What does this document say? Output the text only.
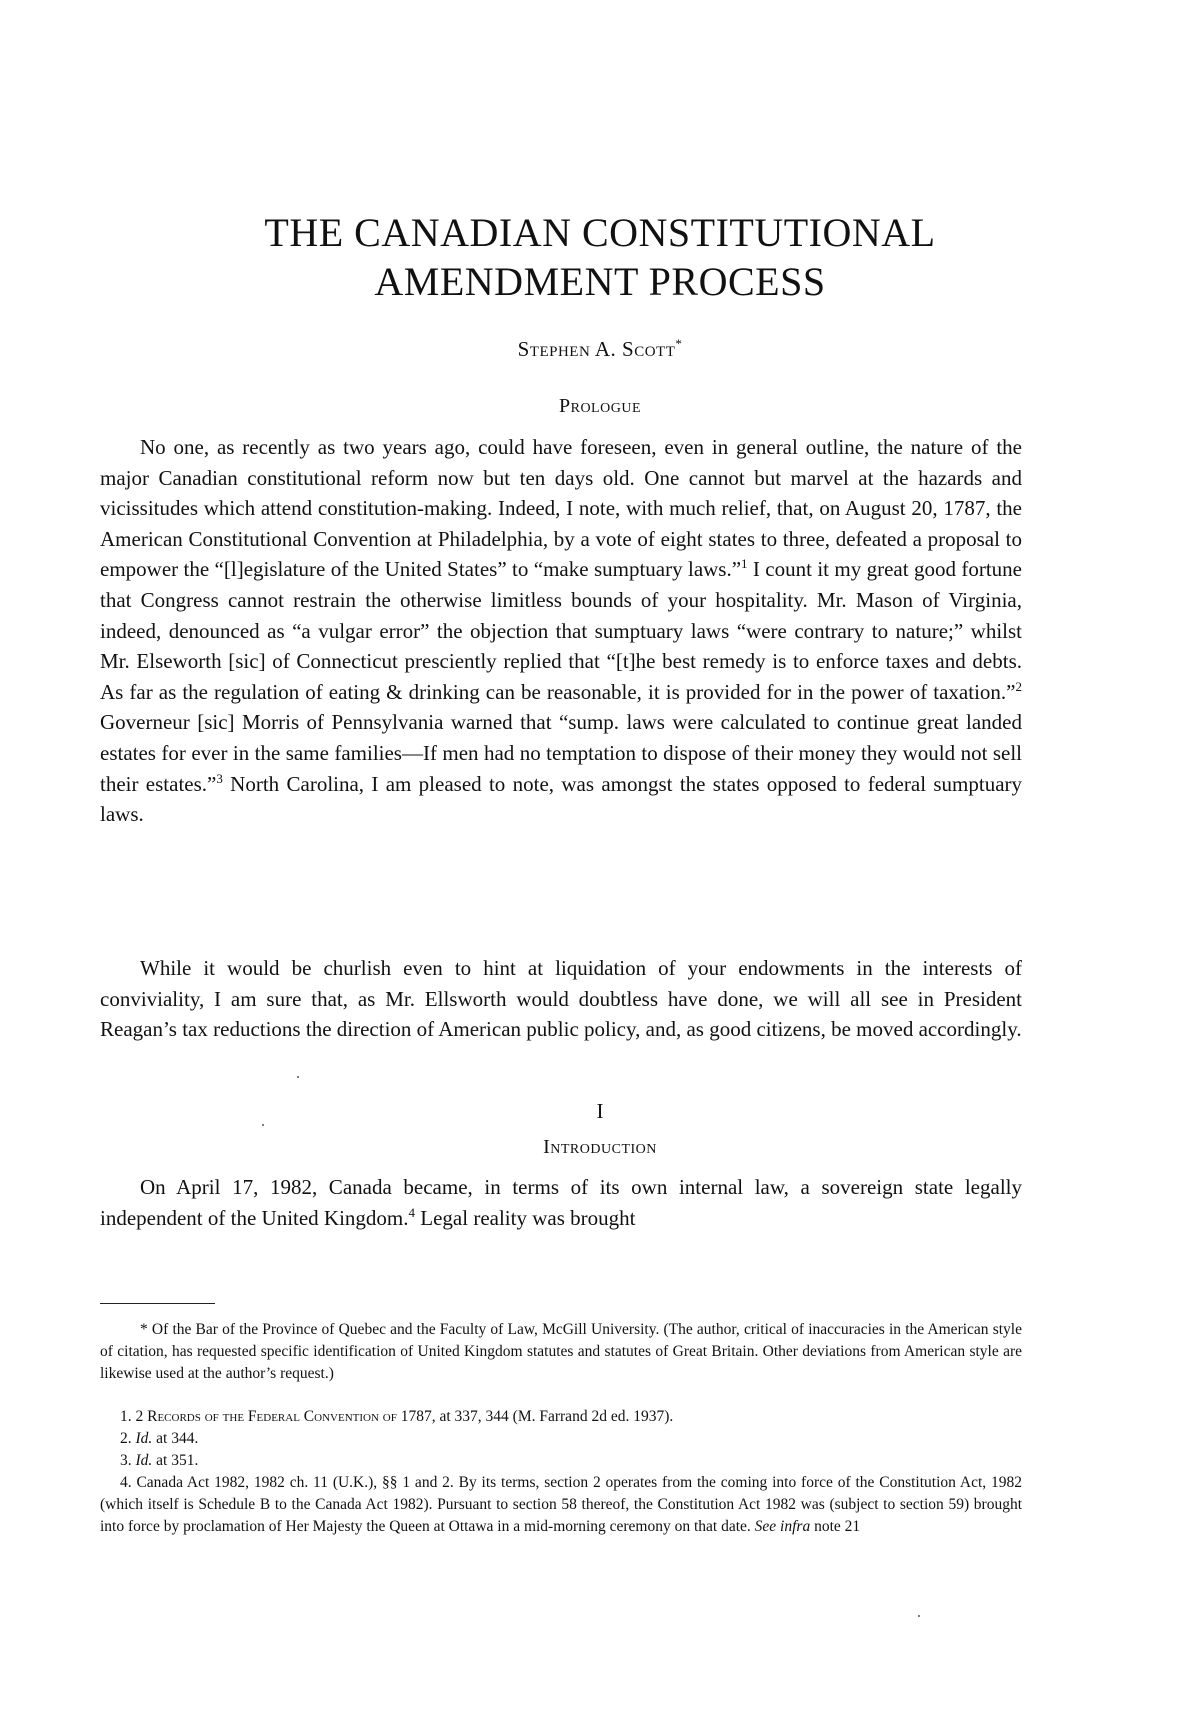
THE CANADIAN CONSTITUTIONAL
AMENDMENT PROCESS
Stephen A. Scott*
Prologue

No one, as recently as two years ago, could have foreseen, even in general outline, the nature of the major Canadian constitutional reform now but ten days old. One cannot but marvel at the hazards and vicissitudes which attend constitution-making. Indeed, I note, with much relief, that, on August 20, 1787, the American Constitutional Convention at Philadelphia, by a vote of eight states to three, defeated a proposal to empower the “[l]egislature of the United States” to “make sumptuary laws.”$^1$ I count it my great good fortune that Congress cannot restrain the otherwise limitless bounds of your hospitality. Mr. Mason of Virginia, indeed, denounced as “a vulgar error” the objection that sumptuary laws “were contrary to nature;” whilst Mr. Elseworth [sic] of Connecticut presciently replied that “[t]he best remedy is to enforce taxes and debts. As far as the regulation of eating & drinking can be reasonable, it is provided for in the power of taxation.”$^2$ Governeur [sic] Morris of Pennsylvania warned that “sump. laws were calculated to continue great landed estates for ever in the same families—If men had no temptation to dispose of their money they would not sell their estates.”$^3$ North Carolina, I am pleased to note, was amongst the states opposed to federal sumptuary laws.

While it would be churlish even to hint at liquidation of your endowments in the interests of conviviality, I am sure that, as Mr. Ellsworth would doubtless have done, we will all see in President Reagan’s tax reductions the direction of American public policy, and, as good citizens, be moved accordingly.

I
Introduction

On April 17, 1982, Canada became, in terms of its own internal law, a sovereign state legally independent of the United Kingdom.$^4$ Legal reality was brought

* Of the Bar of the Province of Quebec and the Faculty of Law, McGill University. (The author, critical of inaccuracies in the American style of citation, has requested specific identification of United Kingdom statutes and statutes of Great Britain. Other deviations from American style are likewise used at the author’s request.)

1. 2 Records of the Federal Convention of 1787, at 337, 344 (M. Farrand 2d ed. 1937).

2. Id. at 344.

3. Id. at 351.

4. Canada Act 1982, 1982 ch. 11 (U.K.), §§ 1 and 2. By its terms, section 2 operates from the coming into force of the Constitution Act, 1982 (which itself is Schedule B to the Canada Act 1982). Pursuant to section 58 thereof, the Constitution Act 1982 was (subject to section 59) brought into force by proclamation of Her Majesty the Queen at Ottawa in a mid-morning ceremony on that date. See infra note 21
